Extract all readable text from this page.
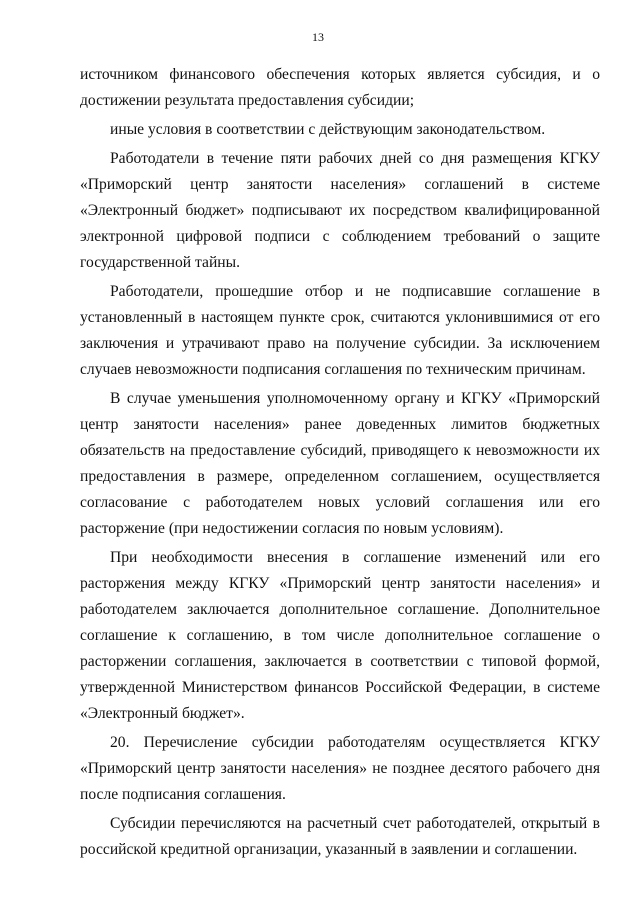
13

источником финансового обеспечения которых является субсидия, и о достижении результата предоставления субсидии;

иные условия в соответствии с действующим законодательством.

Работодатели в течение пяти рабочих дней со дня размещения КГКУ «Приморский центр занятости населения» соглашений в системе «Электронный бюджет» подписывают их посредством квалифицированной электронной цифровой подписи с соблюдением требований о защите государственной тайны.

Работодатели, прошедшие отбор и не подписавшие соглашение в установленный в настоящем пункте срок, считаются уклонившимися от его заключения и утрачивают право на получение субсидии. За исключением случаев невозможности подписания соглашения по техническим причинам.

В случае уменьшения уполномоченному органу и КГКУ «Приморский центр занятости населения» ранее доведенных лимитов бюджетных обязательств на предоставление субсидий, приводящего к невозможности их предоставления в размере, определенном соглашением, осуществляется согласование с работодателем новых условий соглашения или его расторжение (при недостижении согласия по новым условиям).

При необходимости внесения в соглашение изменений или его расторжения между КГКУ «Приморский центр занятости населения» и работодателем заключается дополнительное соглашение. Дополнительное соглашение к соглашению, в том числе дополнительное соглашение о расторжении соглашения, заключается в соответствии с типовой формой, утвержденной Министерством финансов Российской Федерации, в системе «Электронный бюджет».

20. Перечисление субсидии работодателям осуществляется КГКУ «Приморский центр занятости населения» не позднее десятого рабочего дня после подписания соглашения.

Субсидии перечисляются на расчетный счет работодателей, открытый в российской кредитной организации, указанный в заявлении и соглашении.
